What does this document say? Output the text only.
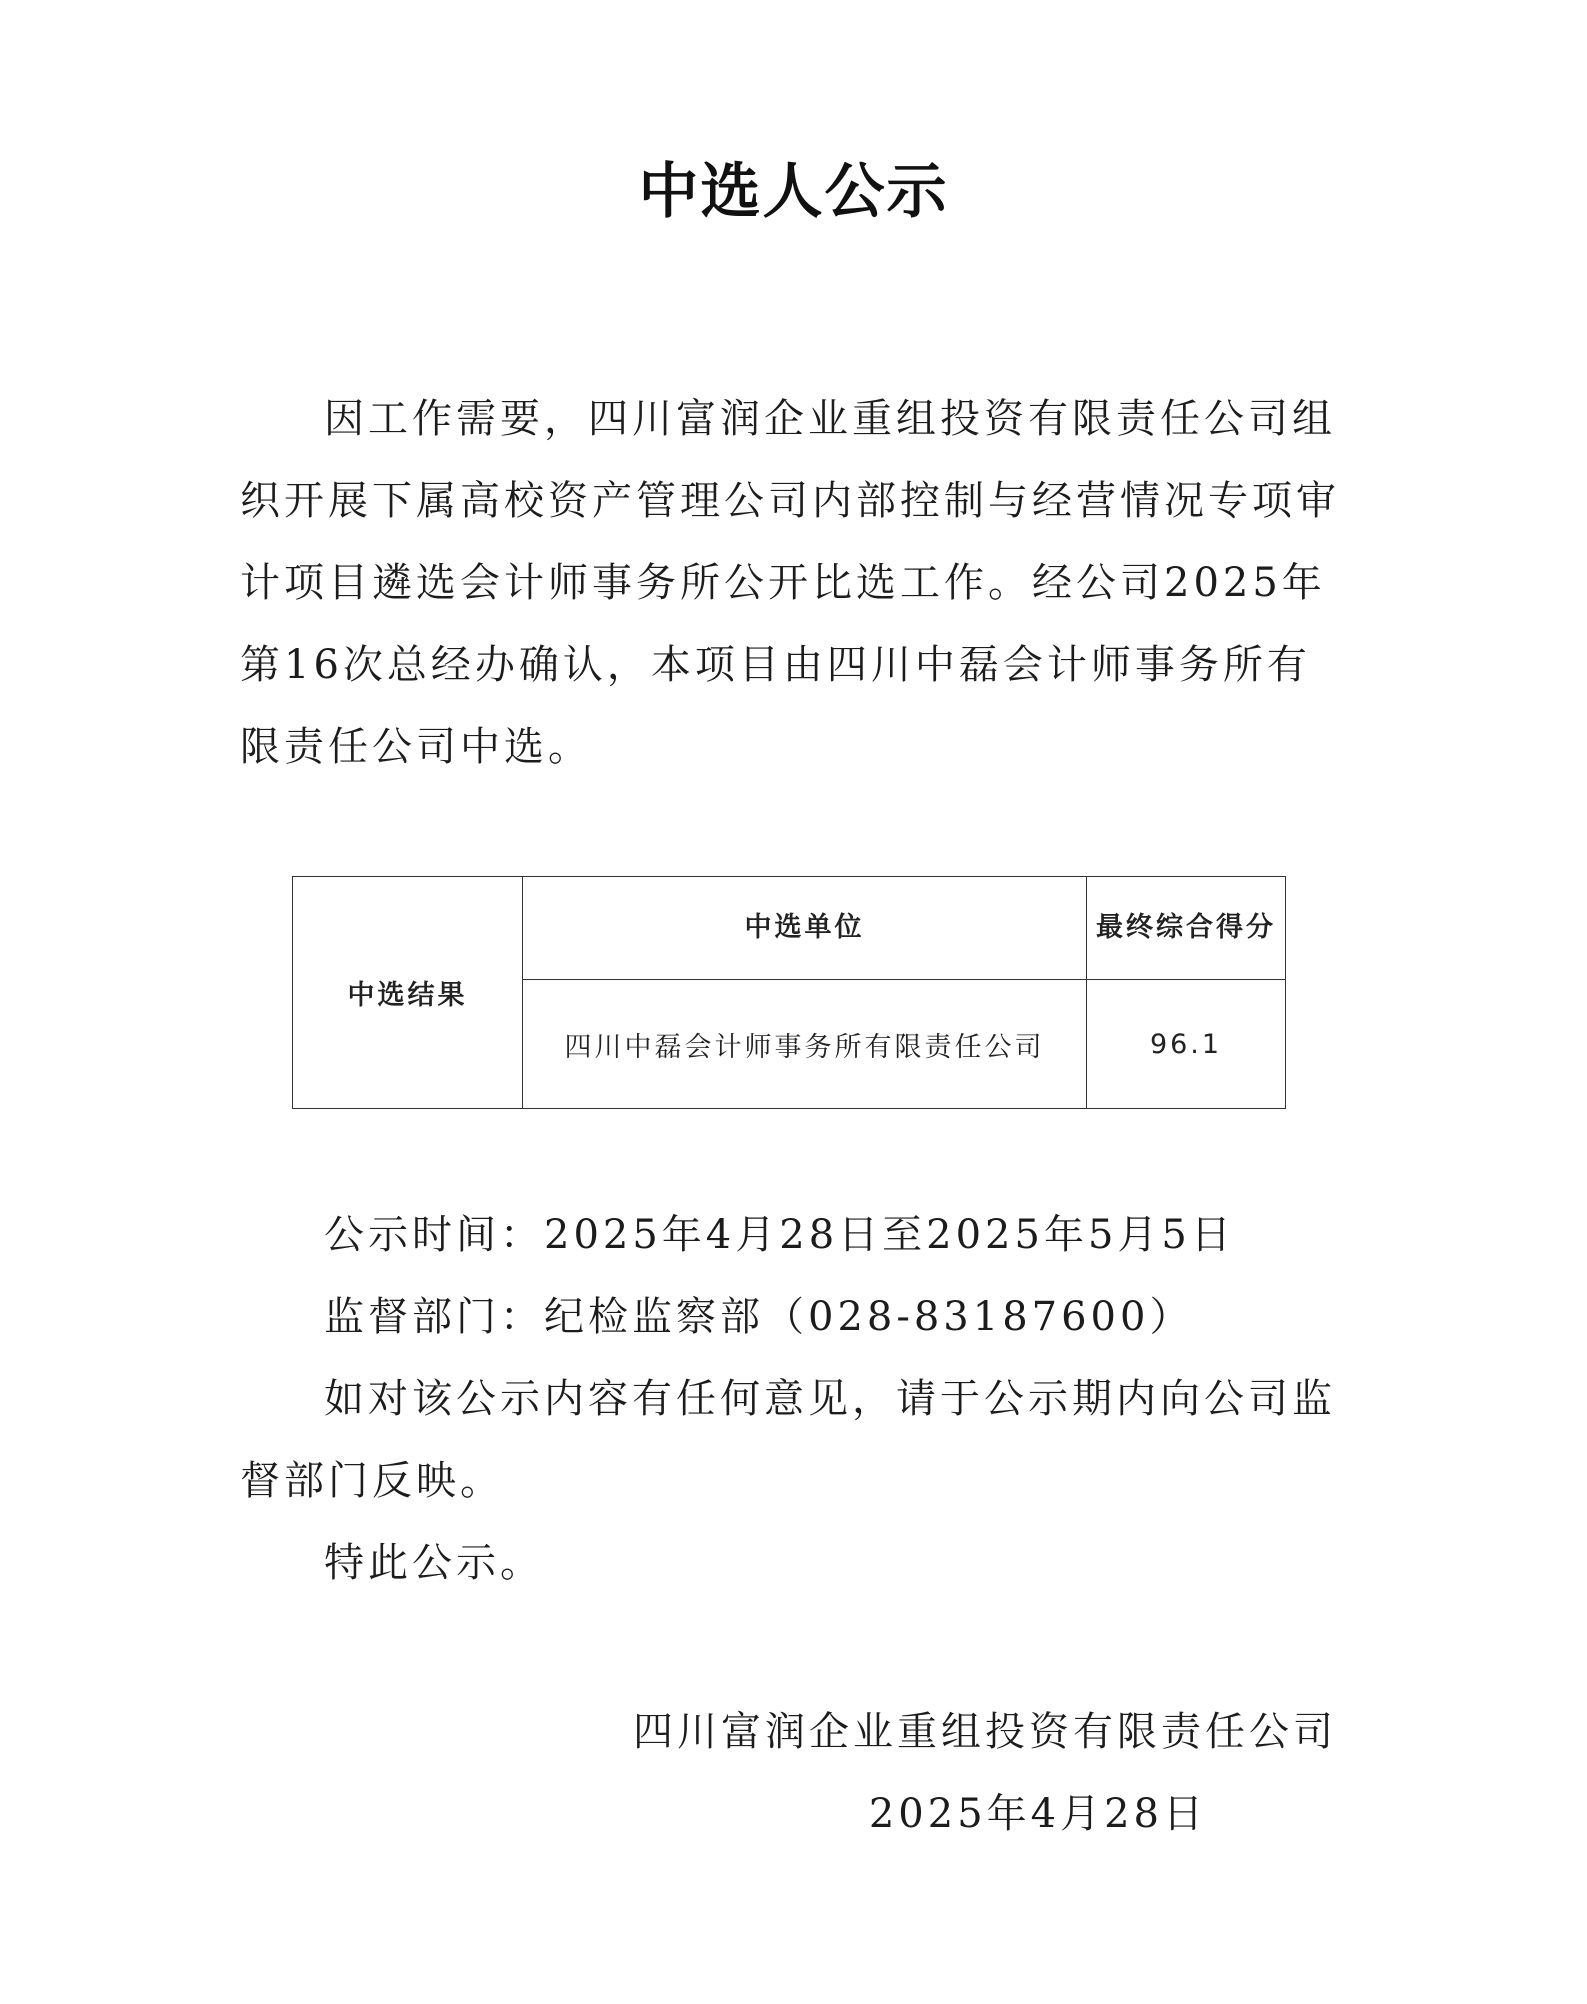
中选人公示

因工作需要，四川富润企业重组投资有限责任公司组织开展下属高校资产管理公司内部控制与经营情况专项审计项目遴选会计师事务所公开比选工作。经公司2025年第16次总经办确认，本项目由四川中磊会计师事务所有限责任公司中选。

中选结果	中选单位	最终综合得分
	四川中磊会计师事务所有限责任公司	96.1

公示时间：2025年4月28日至2025年5月5日

监督部门：纪检监察部（028-83187600）

如对该公示内容有任何意见，请于公示期内向公司监督部门反映。

特此公示。

四川富润企业重组投资有限责任公司
2025年4月28日
